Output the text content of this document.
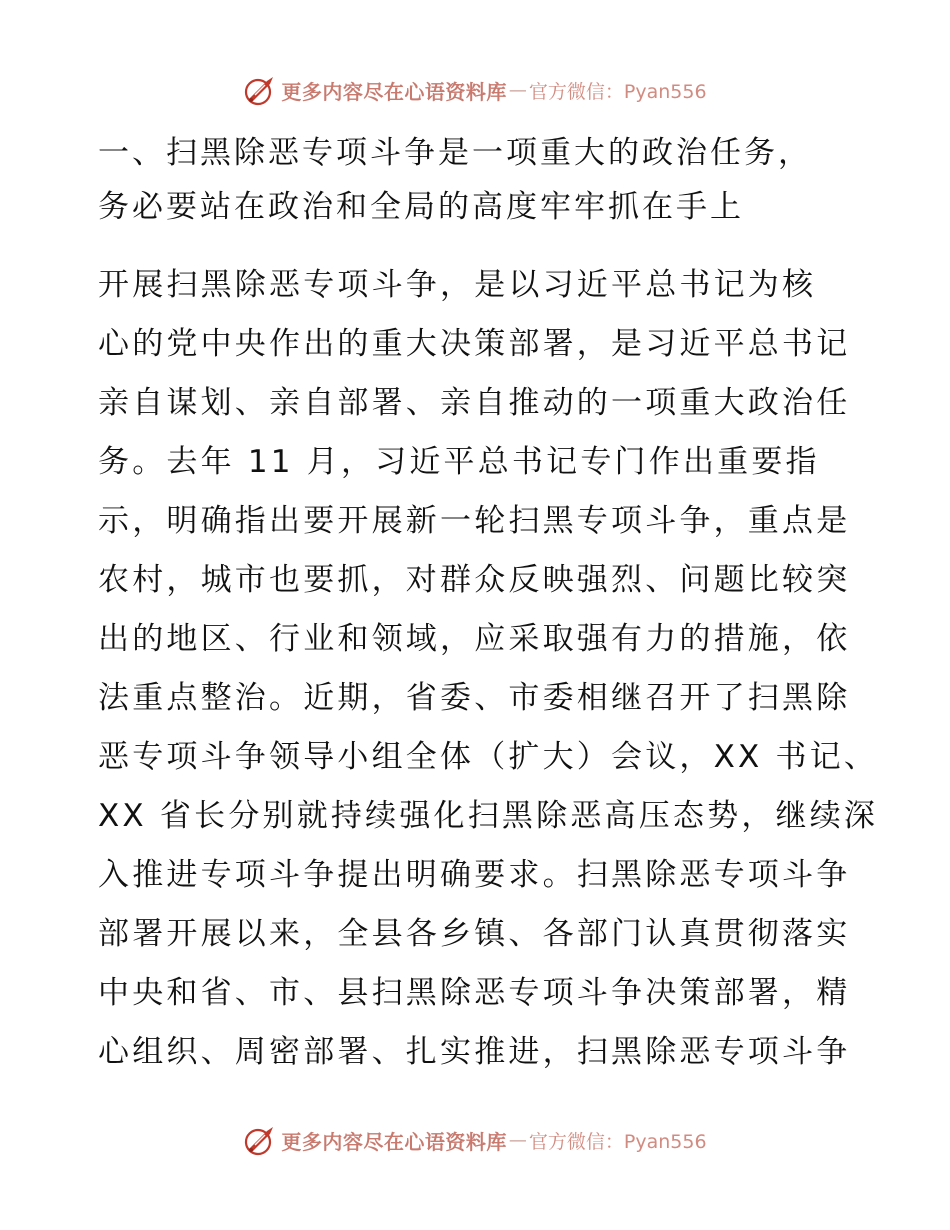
更多内容尽在心语资料库 — 官方微信：Pyan556
一、扫黑除恶专项斗争是一项重大的政治任务，
务必要站在政治和全局的高度牢牢抓在手上
开展扫黑除恶专项斗争，是以习近平总书记为核
心的党中央作出的重大决策部署，是习近平总书记
亲自谋划、亲自部署、亲自推动的一项重大政治任
务。去年 11 月，习近平总书记专门作出重要指
示，明确指出要开展新一轮扫黑专项斗争，重点是
农村，城市也要抓，对群众反映强烈、问题比较突
出的地区、行业和领域，应采取强有力的措施，依
法重点整治。近期，省委、市委相继召开了扫黑除
恶专项斗争领导小组全体（扩大）会议，XX 书记、
XX 省长分别就持续强化扫黑除恶高压态势，继续深
入推进专项斗争提出明确要求。扫黑除恶专项斗争
部署开展以来，全县各乡镇、各部门认真贯彻落实
中央和省、市、县扫黑除恶专项斗争决策部署，精
心组织、周密部署、扎实推进，扫黑除恶专项斗争
更多内容尽在心语资料库 — 官方微信：Pyan556
